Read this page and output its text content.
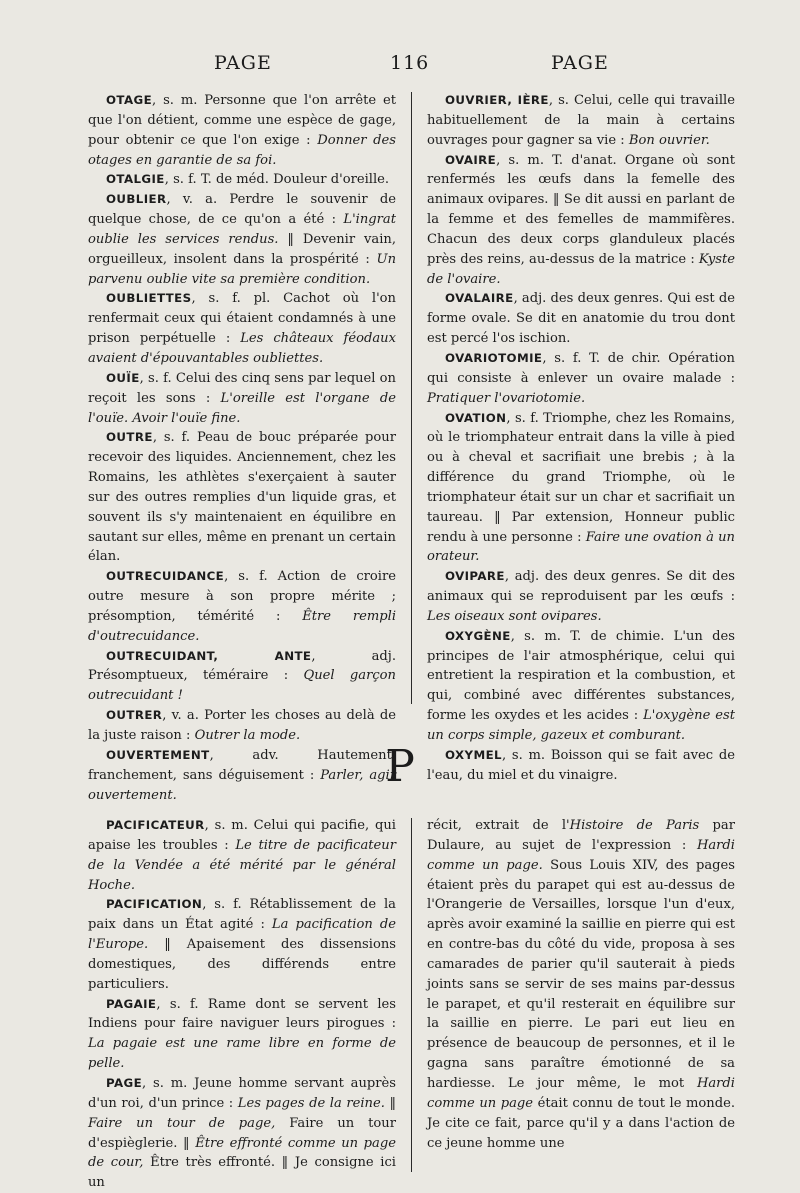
PAGE	116	PAGE

OTAGE, s. m. Personne que l'on arrête et que l'on détient, comme une espèce de gage, pour obtenir ce que l'on exige : Donner des otages en garantie de sa foi.

OTALGIE, s. f. T. de méd. Douleur d'oreille.

OUBLIER, v. a. Perdre le souvenir de quelque chose, de ce qu'on a été : L'ingrat oublie les services rendus. ‖ Devenir vain, orgueilleux, insolent dans la prospérité : Un parvenu oublie vite sa première condition.

OUBLIETTES, s. f. pl. Cachot où l'on renfermait ceux qui étaient condamnés à une prison perpétuelle : Les châteaux féodaux avaient d'épouvantables oubliettes.

OUÏE, s. f. Celui des cinq sens par lequel on reçoit les sons : L'oreille est l'organe de l'ouïe. Avoir l'ouïe fine.

OUTRE, s. f. Peau de bouc préparée pour recevoir des liquides. Anciennement, chez les Romains, les athlètes s'exerçaient à sauter sur des outres remplies d'un liquide gras, et souvent ils s'y maintenaient en équilibre en sautant sur elles, même en prenant un certain élan.

OUTRECUIDANCE, s. f. Action de croire outre mesure à son propre mérite ; présomption, témérité : Être rempli d'outrecuidance.

OUTRECUIDANT, ANTE, adj. Présomptueux, téméraire : Quel garçon outrecuidant !

OUTRER, v. a. Porter les choses au delà de la juste raison : Outrer la mode.

OUVERTEMENT, adv. Hautement, franchement, sans déguisement : Parler, agir ouvertement.

OUVRIER, IÈRE, s. Celui, celle qui travaille habituellement de la main à certains ouvrages pour gagner sa vie : Bon ouvrier.

OVAIRE, s. m. T. d'anat. Organe où sont renfermés les œufs dans la femelle des animaux ovipares. ‖ Se dit aussi en parlant de la femme et des femelles de mammifères. Chacun des deux corps glanduleux placés près des reins, au-dessus de la matrice : Kyste de l'ovaire.

OVALAIRE, adj. des deux genres. Qui est de forme ovale. Se dit en anatomie du trou dont est percé l'os ischion.

OVARIOTOMIE, s. f. T. de chir. Opération qui consiste à enlever un ovaire malade : Pratiquer l'ovariotomie.

OVATION, s. f. Triomphe, chez les Romains, où le triomphateur entrait dans la ville à pied ou à cheval et sacrifiait une brebis ; à la différence du grand Triomphe, où le triomphateur était sur un char et sacrifiait un taureau. ‖ Par extension, Honneur public rendu à une personne : Faire une ovation à un orateur.

OVIPARE, adj. des deux genres. Se dit des animaux qui se reproduisent par les œufs : Les oiseaux sont ovipares.

OXYGÈNE, s. m. T. de chimie. L'un des principes de l'air atmosphérique, celui qui entretient la respiration et la combustion, et qui, combiné avec différentes substances, forme les oxydes et les acides : L'oxygène est un corps simple, gazeux et comburant.

OXYMEL, s. m. Boisson qui se fait avec de l'eau, du miel et du vinaigre.

P

PACIFICATEUR, s. m. Celui qui pacifie, qui apaise les troubles : Le titre de pacificateur de la Vendée a été mérité par le général Hoche.

PACIFICATION, s. f. Rétablissement de la paix dans un État agité : La pacification de l'Europe. ‖ Apaisement des dissensions domestiques, des différends entre particuliers.

PAGAIE, s. f. Rame dont se servent les Indiens pour faire naviguer leurs pirogues : La pagaie est une rame libre en forme de pelle.

PAGE, s. m. Jeune homme servant auprès d'un roi, d'un prince : Les pages de la reine. ‖ Faire un tour de page, Faire un tour d'espièglerie. ‖ Être effronté comme un page de cour, Être très effronté. ‖ Je consigne ici un

récit, extrait de l'Histoire de Paris par Dulaure, au sujet de l'expression : Hardi comme un page. Sous Louis XIV, des pages étaient près du parapet qui est au-dessus de l'Orangerie de Versailles, lorsque l'un d'eux, après avoir examiné la saillie en pierre qui est en contre-bas du côté du vide, proposa à ses camarades de parier qu'il sauterait à pieds joints sans se servir de ses mains par-dessus le parapet, et qu'il resterait en équilibre sur la saillie en pierre. Le pari eut lieu en présence de beaucoup de personnes, et il le gagna sans paraître émotionné de sa hardiesse. Le jour même, le mot Hardi comme un page était connu de tout le monde. Je cite ce fait, parce qu'il y a dans l'action de ce jeune homme une
